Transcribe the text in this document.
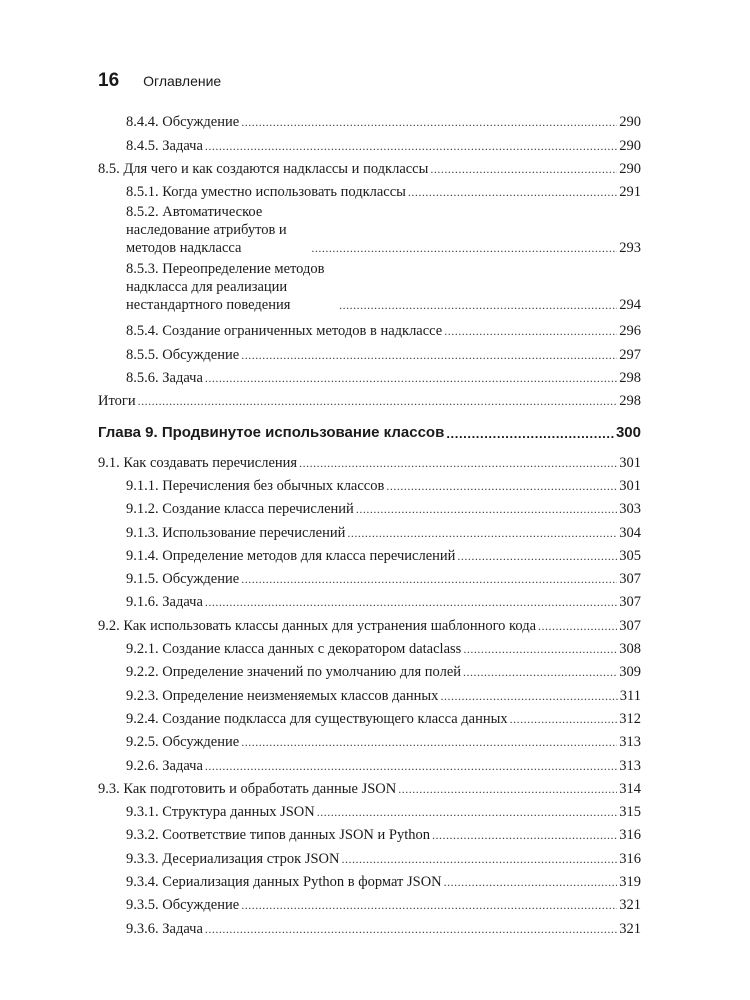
16 Оглавление
8.4.4. Обсуждение .....	290
8.4.5. Задача .....	290
8.5. Для чего и как создаются надклассы и подклассы .....	290
8.5.1. Когда уместно использовать подклассы .....	291
8.5.2. Автоматическое наследование атрибутов и методов надкласса .....	293
8.5.3. Переопределение методов надкласса для реализации нестандартного поведения .....	294
8.5.4. Создание ограниченных методов в надклассе .....	296
8.5.5. Обсуждение .....	297
8.5.6. Задача .....	298
Итоги .....	298
Глава 9. Продвинутое использование классов .....	300
9.1. Как создавать перечисления .....	301
9.1.1. Перечисления без обычных классов .....	301
9.1.2. Создание класса перечислений .....	303
9.1.3. Использование перечислений .....	304
9.1.4. Определение методов для класса перечислений .....	305
9.1.5. Обсуждение .....	307
9.1.6. Задача .....	307
9.2. Как использовать классы данных для устранения шаблонного кода .....	307
9.2.1. Создание класса данных с декоратором dataclass .....	308
9.2.2. Определение значений по умолчанию для полей .....	309
9.2.3. Определение неизменяемых классов данных .....	311
9.2.4. Создание подкласса для существующего класса данных .....	312
9.2.5. Обсуждение .....	313
9.2.6. Задача .....	313
9.3. Как подготовить и обработать данные JSON .....	314
9.3.1. Структура данных JSON .....	315
9.3.2. Соответствие типов данных JSON и Python .....	316
9.3.3. Десериализация строк JSON .....	316
9.3.4. Сериализация данных Python в формат JSON .....	319
9.3.5. Обсуждение .....	321
9.3.6. Задача .....	321
